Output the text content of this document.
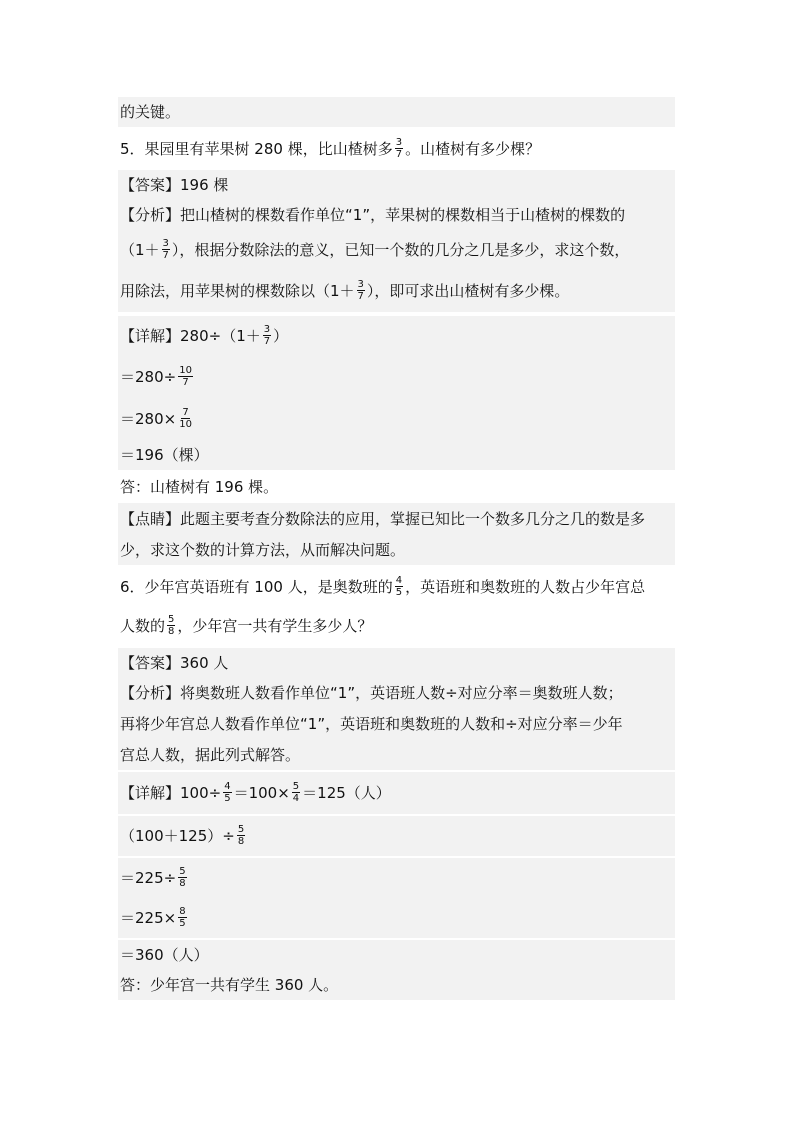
的关键。
5．果园里有苹果树 280 棵，比山楂树多 $\frac{3}{7}$ 。山楂树有多少棵？
【答案】196 棵
【分析】把山楂树的棵数看作单位“1”，苹果树的棵数相当于山楂树的棵数的
（$1+ \frac{3}{7}$ ），根据分数除法的意义，已知一个数的几分之几是多少，求这个数，
用除法，用苹果树的棵数除以（$1+ \frac{3}{7}$ ），即可求出山楂树有多少棵。
【详解】$280\div(1+ \frac{3}{7}$ ）
$=280\div \frac{10}{7}$
$=280\times \frac{7}{10}$
＝196（棵）
答：山楂树有 196 棵。
【点睛】此题主要考查分数除法的应用，掌握已知比一个数多几分之几的数是多
少，求这个数的计算方法，从而解决问题。
6．少年宫英语班有 100 人，是奥数班的 $\frac{4}{5}$ ，英语班和奥数班的人数占少年宫总
人数的 $\frac{5}{8}$ ，少年宫一共有学生多少人？
【答案】360 人
【分析】将奥数班人数看作单位“1”，英语班人数÷对应分率＝奥数班人数；
再将少年宫总人数看作单位“1”，英语班和奥数班的人数和÷对应分率＝少年
宫总人数，据此列式解答。
【详解】$100\div \frac{4}{5} =100\times \frac{5}{4} =125$（人）
$(100+125)\div \frac{5}{8}$
$=225\div \frac{5}{8}$
$=225\times \frac{8}{5}$
＝360（人）
答：少年宫一共有学生 360 人。
